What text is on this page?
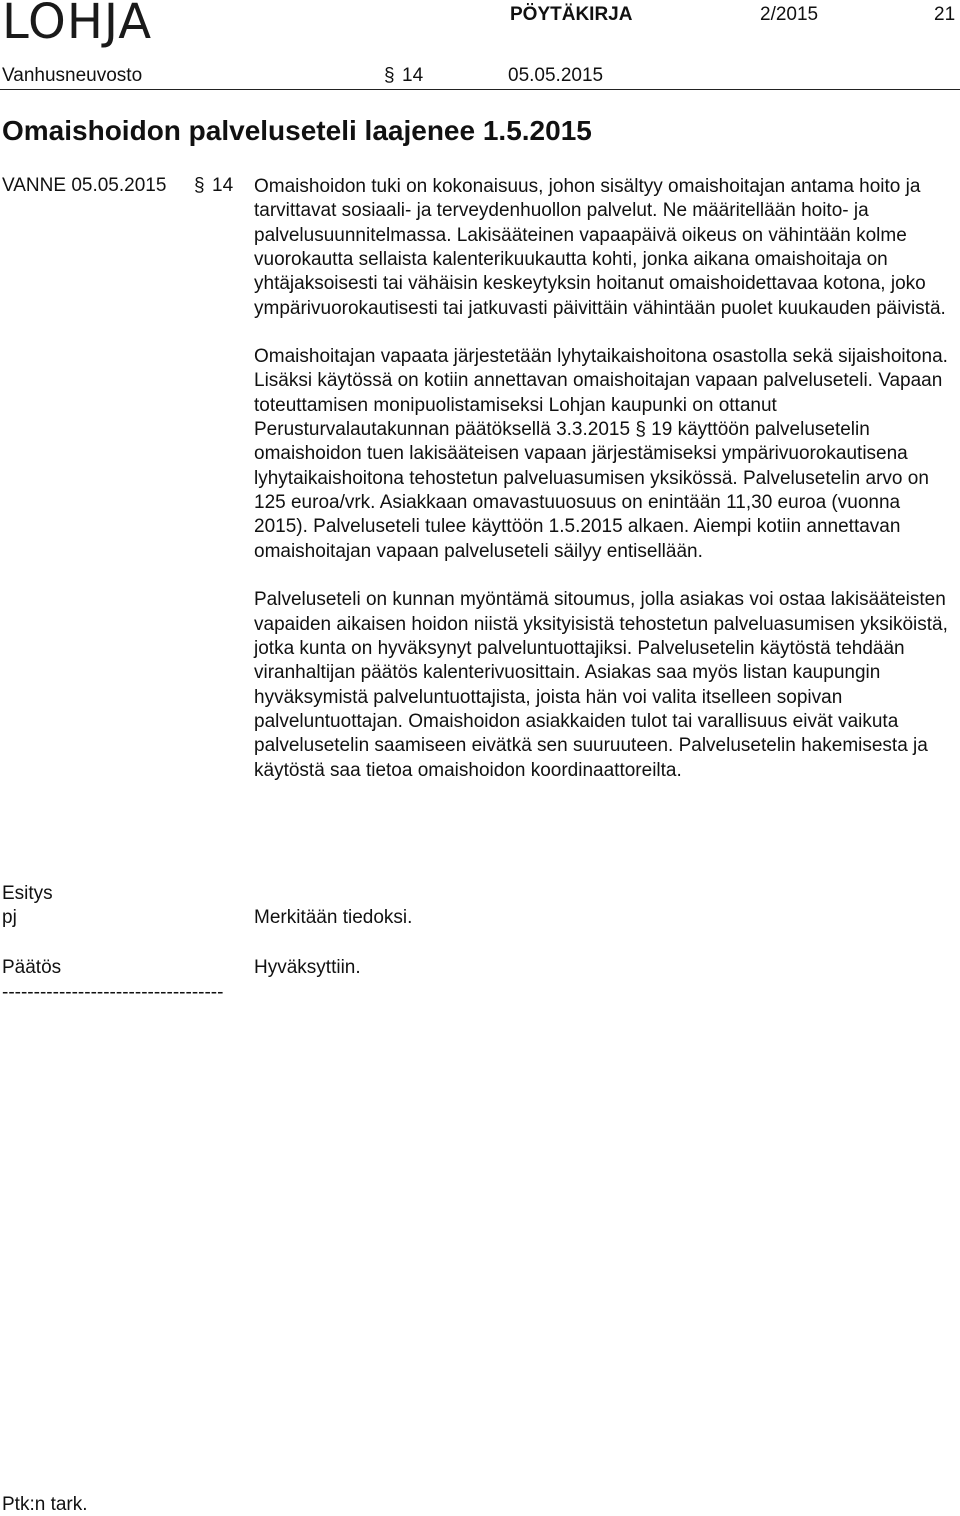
LOHJA	PÖYTÄKIRJA	2/2015	21
Vanhusneuvosto	§ 14	05.05.2015
Omaishoidon palveluseteli laajenee 1.5.2015
VANNE 05.05.2015 § 14 Omaishoidon tuki on kokonaisuus, johon sisältyy omaishoitajan antama hoito ja tarvittavat sosiaali- ja terveydenhuollon palvelut. Ne määritellään hoito- ja palvelusuunnitelmassa. Lakisääteinen vapaapäivä oikeus on vähintään kolme vuorokautta sellaista kalenterikuukautta kohti, jonka aikana omaishoitaja on yhtäjaksoisesti tai vähäisin keskeytyksin hoitanut omaishoidettavaa kotona, joko ympärivuorokautisesti tai jatkuvasti päivittäin vähintään puolet kuukauden päivistä.

Omaishoitajan vapaata järjestetään lyhytaikaishoitona osastolla sekä sijaishoitona. Lisäksi käytössä on kotiin annettavan omaishoitajan vapaan palveluseteli. Vapaan toteuttamisen monipuolistamiseksi Lohjan kaupunki on ottanut Perusturvalautakunnan päätöksellä 3.3.2015 § 19 käyttöön palvelusetelin omaishoidon tuen lakisääteisen vapaan järjestämiseksi ympärivuorokautisena lyhytaikaishoitona tehostetun palveluasumisen yksikössä. Palvelusetelin arvo on 125 euroa/vrk. Asiakkaan omavastuuosuus on enintään 11,30 euroa (vuonna 2015). Palveluseteli tulee käyttöön 1.5.2015 alkaen. Aiempi kotiin annettavan omaishoitajan vapaan palveluseteli säilyy entisellään.

Palveluseteli on kunnan myöntämä sitoumus, jolla asiakas voi ostaa lakisääteisten vapaiden aikaisen hoidon niistä yksityisistä tehostetun palveluasumisen yksiköistä, jotka kunta on hyväksynyt palveluntuottajiksi. Palvelusetelin käytöstä tehdään viranhaltijan päätös kalenterivuosittain. Asiakas saa myös listan kaupungin hyväksymistä palveluntuottajista, joista hän voi valita itselleen sopivan palveluntuottajan. Omaishoidon asiakkaiden tulot tai varallisuus eivät vaikuta palvelusetelin saamiseen eivätkä sen suuruuteen. Palvelusetelin hakemisesta ja käytöstä saa tietoa omaishoidon koordinaattoreilta.

Esitys
pj	Merkitään tiedoksi.
Päätös	Hyväksyttiin.
-----------------------------------
Ptk:n tark.
